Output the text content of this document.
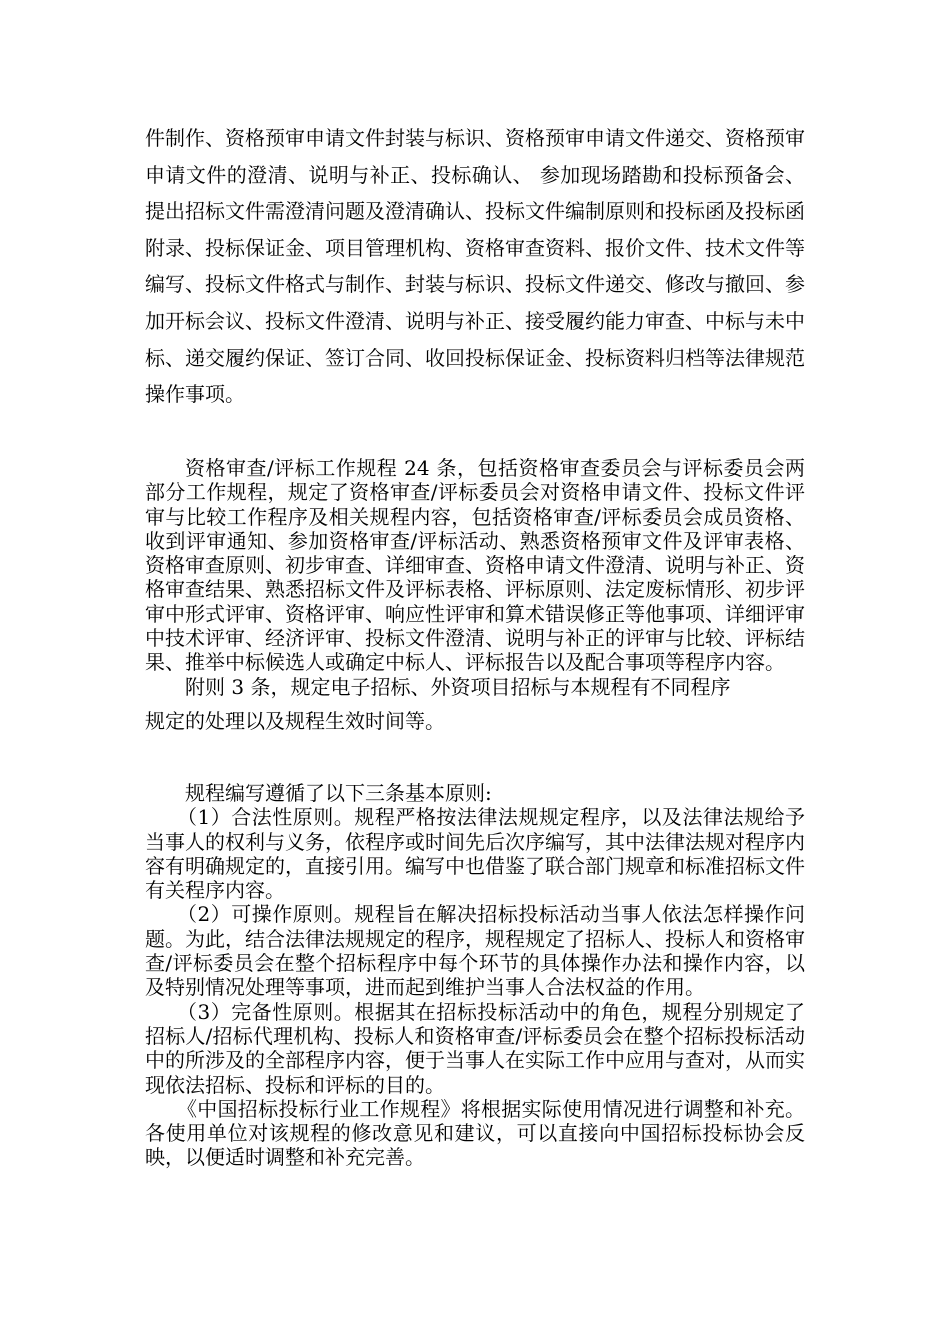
件制作、资格预审申请文件封装与标识、资格预审申请文件递交、资格预审申请文件的澄清、说明与补正、投标确认、 参加现场踏勘和投标预备会、提出招标文件需澄清问题及澄清确认、投标文件编制原则和投标函及投标函附录、投标保证金、项目管理机构、资格审查资料、报价文件、技术文件等编写、投标文件格式与制作、封装与标识、投标文件递交、修改与撤回、参加开标会议、投标文件澄清、说明与补正、接受履约能力审查、中标与未中标、递交履约保证、签订合同、收回投标保证金、投标资料归档等法律规范操作事项。

资格审查/评标工作规程 24 条，包括资格审查委员会与评标委员会两部分工作规程，规定了资格审查/评标委员会对资格申请文件、投标文件评审与比较工作程序及相关规程内容，包括资格审查/评标委员会成员资格、收到评审通知、参加资格审查/评标活动、熟悉资格预审文件及评审表格、资格审查原则、初步审查、详细审查、资格申请文件澄清、说明与补正、资格审查结果、熟悉招标文件及评标表格、评标原则、法定废标情形、初步评审中形式评审、资格评审、响应性评审和算术错误修正等他事项、详细评审中技术评审、经济评审、投标文件澄清、说明与补正的评审与比较、评标结果、推举中标候选人或确定中标人、评标报告以及配合事项等程序内容。

附则 3 条，规定电子招标、外资项目招标与本规程有不同程序

规定的处理以及规程生效时间等。

规程编写遵循了以下三条基本原则:

（1）合法性原则。规程严格按法律法规规定程序，以及法律法规给予当事人的权利与义务，依程序或时间先后次序编写，其中法律法规对程序内容有明确规定的，直接引用。编写中也借鉴了联合部门规章和标准招标文件有关程序内容。

（2）可操作原则。规程旨在解决招标投标活动当事人依法怎样操作问题。为此，结合法律法规规定的程序，规程规定了招标人、投标人和资格审查/评标委员会在整个招标程序中每个环节的具体操作办法和操作内容，以及特别情况处理等事项，进而起到维护当事人合法权益的作用。

（3）完备性原则。根据其在招标投标活动中的角色，规程分别规定了招标人/招标代理机构、投标人和资格审查/评标委员会在整个招标投标活动中的所涉及的全部程序内容，便于当事人在实际工作中应用与查对，从而实现依法招标、投标和评标的目的。

《中国招标投标行业工作规程》将根据实际使用情况进行调整和补充。各使用单位对该规程的修改意见和建议，可以直接向中国招标投标协会反映，以便适时调整和补充完善。
